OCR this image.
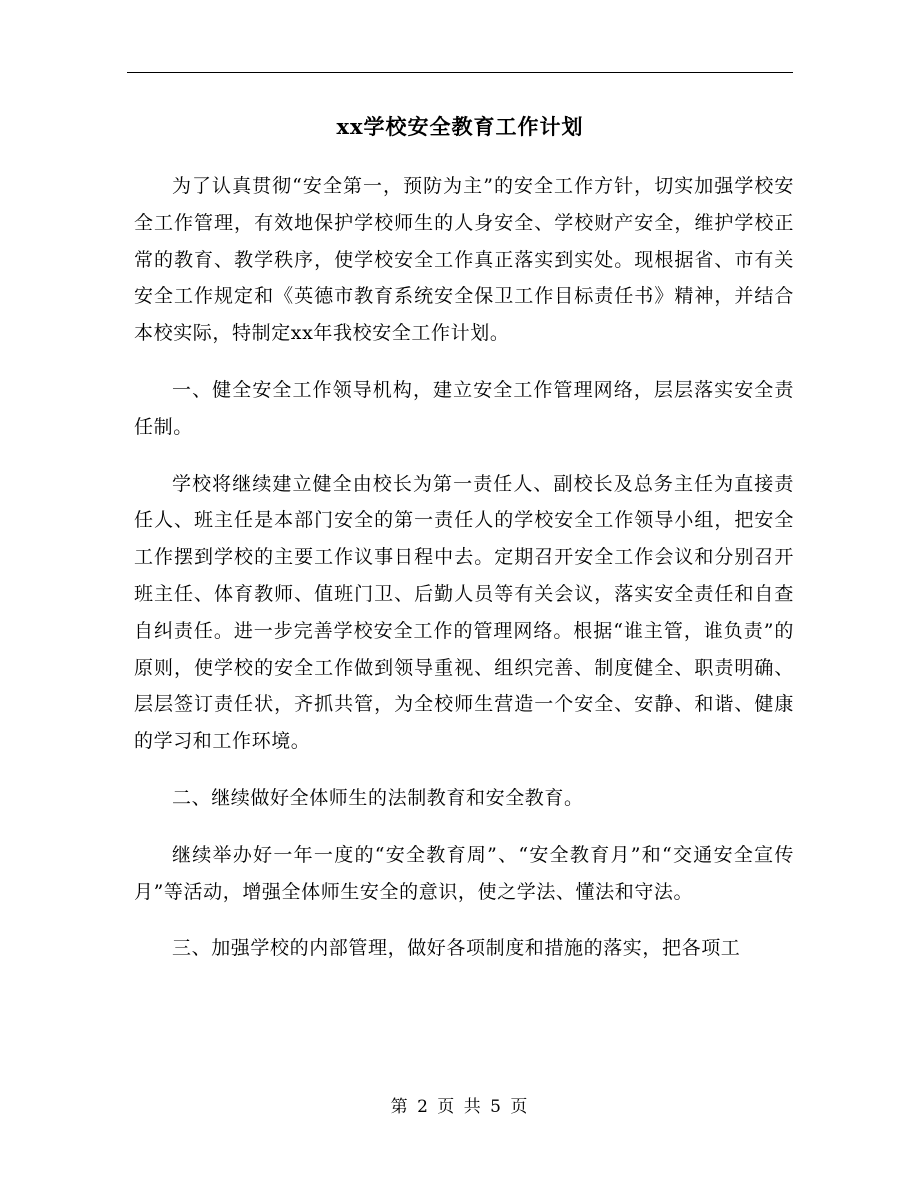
xx学校安全教育工作计划

为了认真贯彻“安全第一，预防为主”的安全工作方针，切实加强学校安全工作管理，有效地保护学校师生的人身安全、学校财产安全，维护学校正常的教育、教学秩序，使学校安全工作真正落实到实处。现根据省、市有关安全工作规定和《英德市教育系统安全保卫工作目标责任书》精神，并结合本校实际，特制定xx年我校安全工作计划。

一、健全安全工作领导机构，建立安全工作管理网络，层层落实安全责任制。

学校将继续建立健全由校长为第一责任人、副校长及总务主任为直接责任人、班主任是本部门安全的第一责任人的学校安全工作领导小组，把安全工作摆到学校的主要工作议事日程中去。定期召开安全工作会议和分别召开班主任、体育教师、值班门卫、后勤人员等有关会议，落实安全责任和自查自纠责任。进一步完善学校安全工作的管理网络。根据“谁主管，谁负责”的原则，使学校的安全工作做到领导重视、组织完善、制度健全、职责明确、层层签订责任状，齐抓共管，为全校师生营造一个安全、安静、和谐、健康的学习和工作环境。

二、继续做好全体师生的法制教育和安全教育。

继续举办好一年一度的“安全教育周”、“安全教育月”和“交通安全宣传月”等活动，增强全体师生安全的意识，使之学法、懂法和守法。

三、加强学校的内部管理，做好各项制度和措施的落实，把各项工

第 2 页 共 5 页
